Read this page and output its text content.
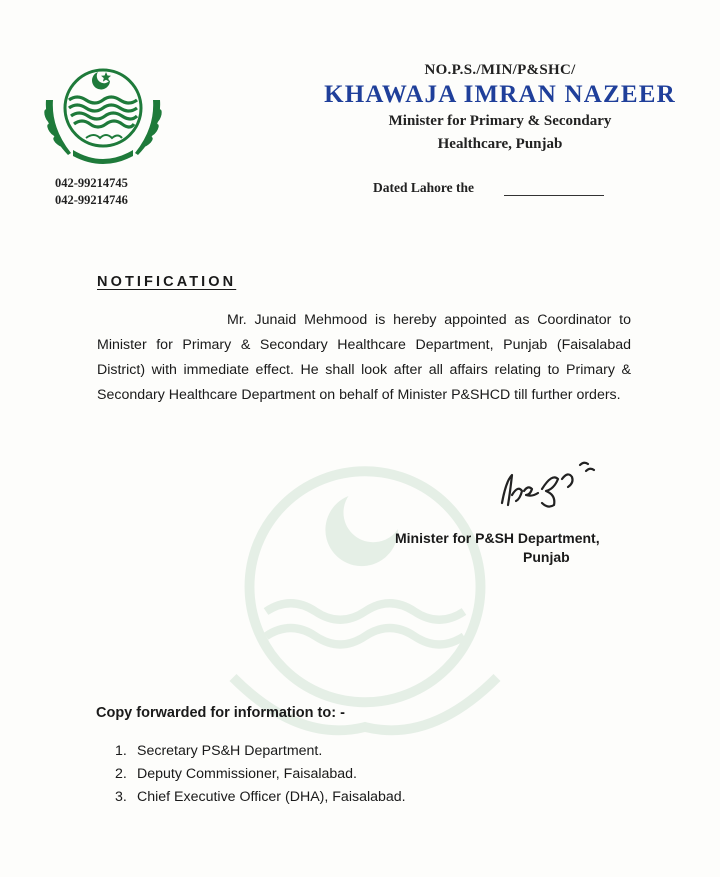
042-99214745
042-99214746
NO.P.S./MIN/P&SHC/
KHAWAJA IMRAN NAZEER
Minister for Primary & Secondary
Healthcare, Punjab
Dated Lahore the
NOTIFICATION
Mr. Junaid Mehmood is hereby appointed as Coordinator to Minister for Primary & Secondary Healthcare Department, Punjab (Faisalabad District) with immediate effect. He shall look after all affairs relating to Primary & Secondary Healthcare Department on behalf of Minister P&SHCD till further orders.
Minister for P&SH Department,
Punjab
Copy forwarded for information to: -
1. Secretary PS&H Department.
2. Deputy Commissioner, Faisalabad.
3. Chief Executive Officer (DHA), Faisalabad.
